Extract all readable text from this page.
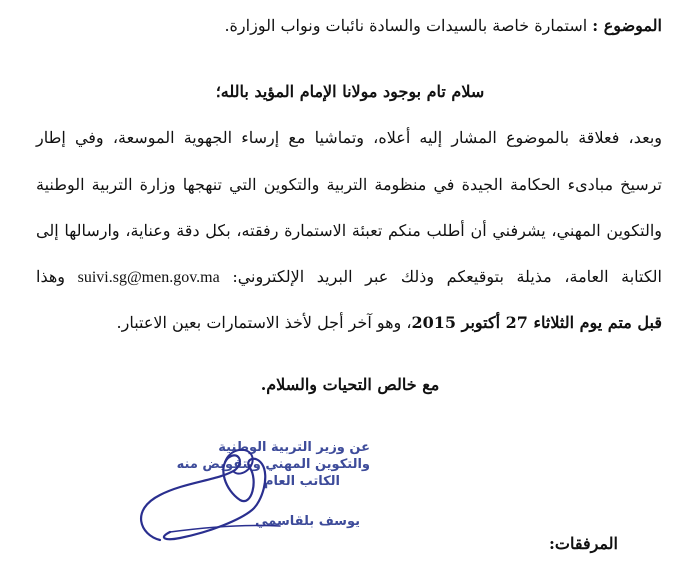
الموضوع : استمارة خاصة بالسيدات والسادة نائبات ونواب الوزارة.
سلام تام بوجود مولانا الإمام المؤيد بالله؛
وبعد، فعلاقة بالموضوع المشار إليه أعلاه، وتماشيا مع إرساء الجهوية الموسعة، وفي إطار
ترسيخ مبادىء الحكامة الجيدة في منظومة التربية والتكوين التي تنهجها وزارة التربية الوطنية
والتكوين المهني، يشرفني أن أطلب منكم تعبئة الاستمارة رفقته، بكل دقة وعناية، وارسالها إلى
الكتابة العامة، مذيلة بتوقيعكم وذلك عبر البريد الإلكتروني: suivi.sg@men.gov.ma وهذا
قبل متم يوم الثلاثاء 27 أكتوبر 2015، وهو آخر أجل لأخذ الاستمارات بعين الاعتبار.
مع خالص التحيات والسلام.
عن وزير التربية الوطنية
والتكوين المهني وبتفويض منه
الكاتب العام
يوسف بلقاسمي
المرفقات:
